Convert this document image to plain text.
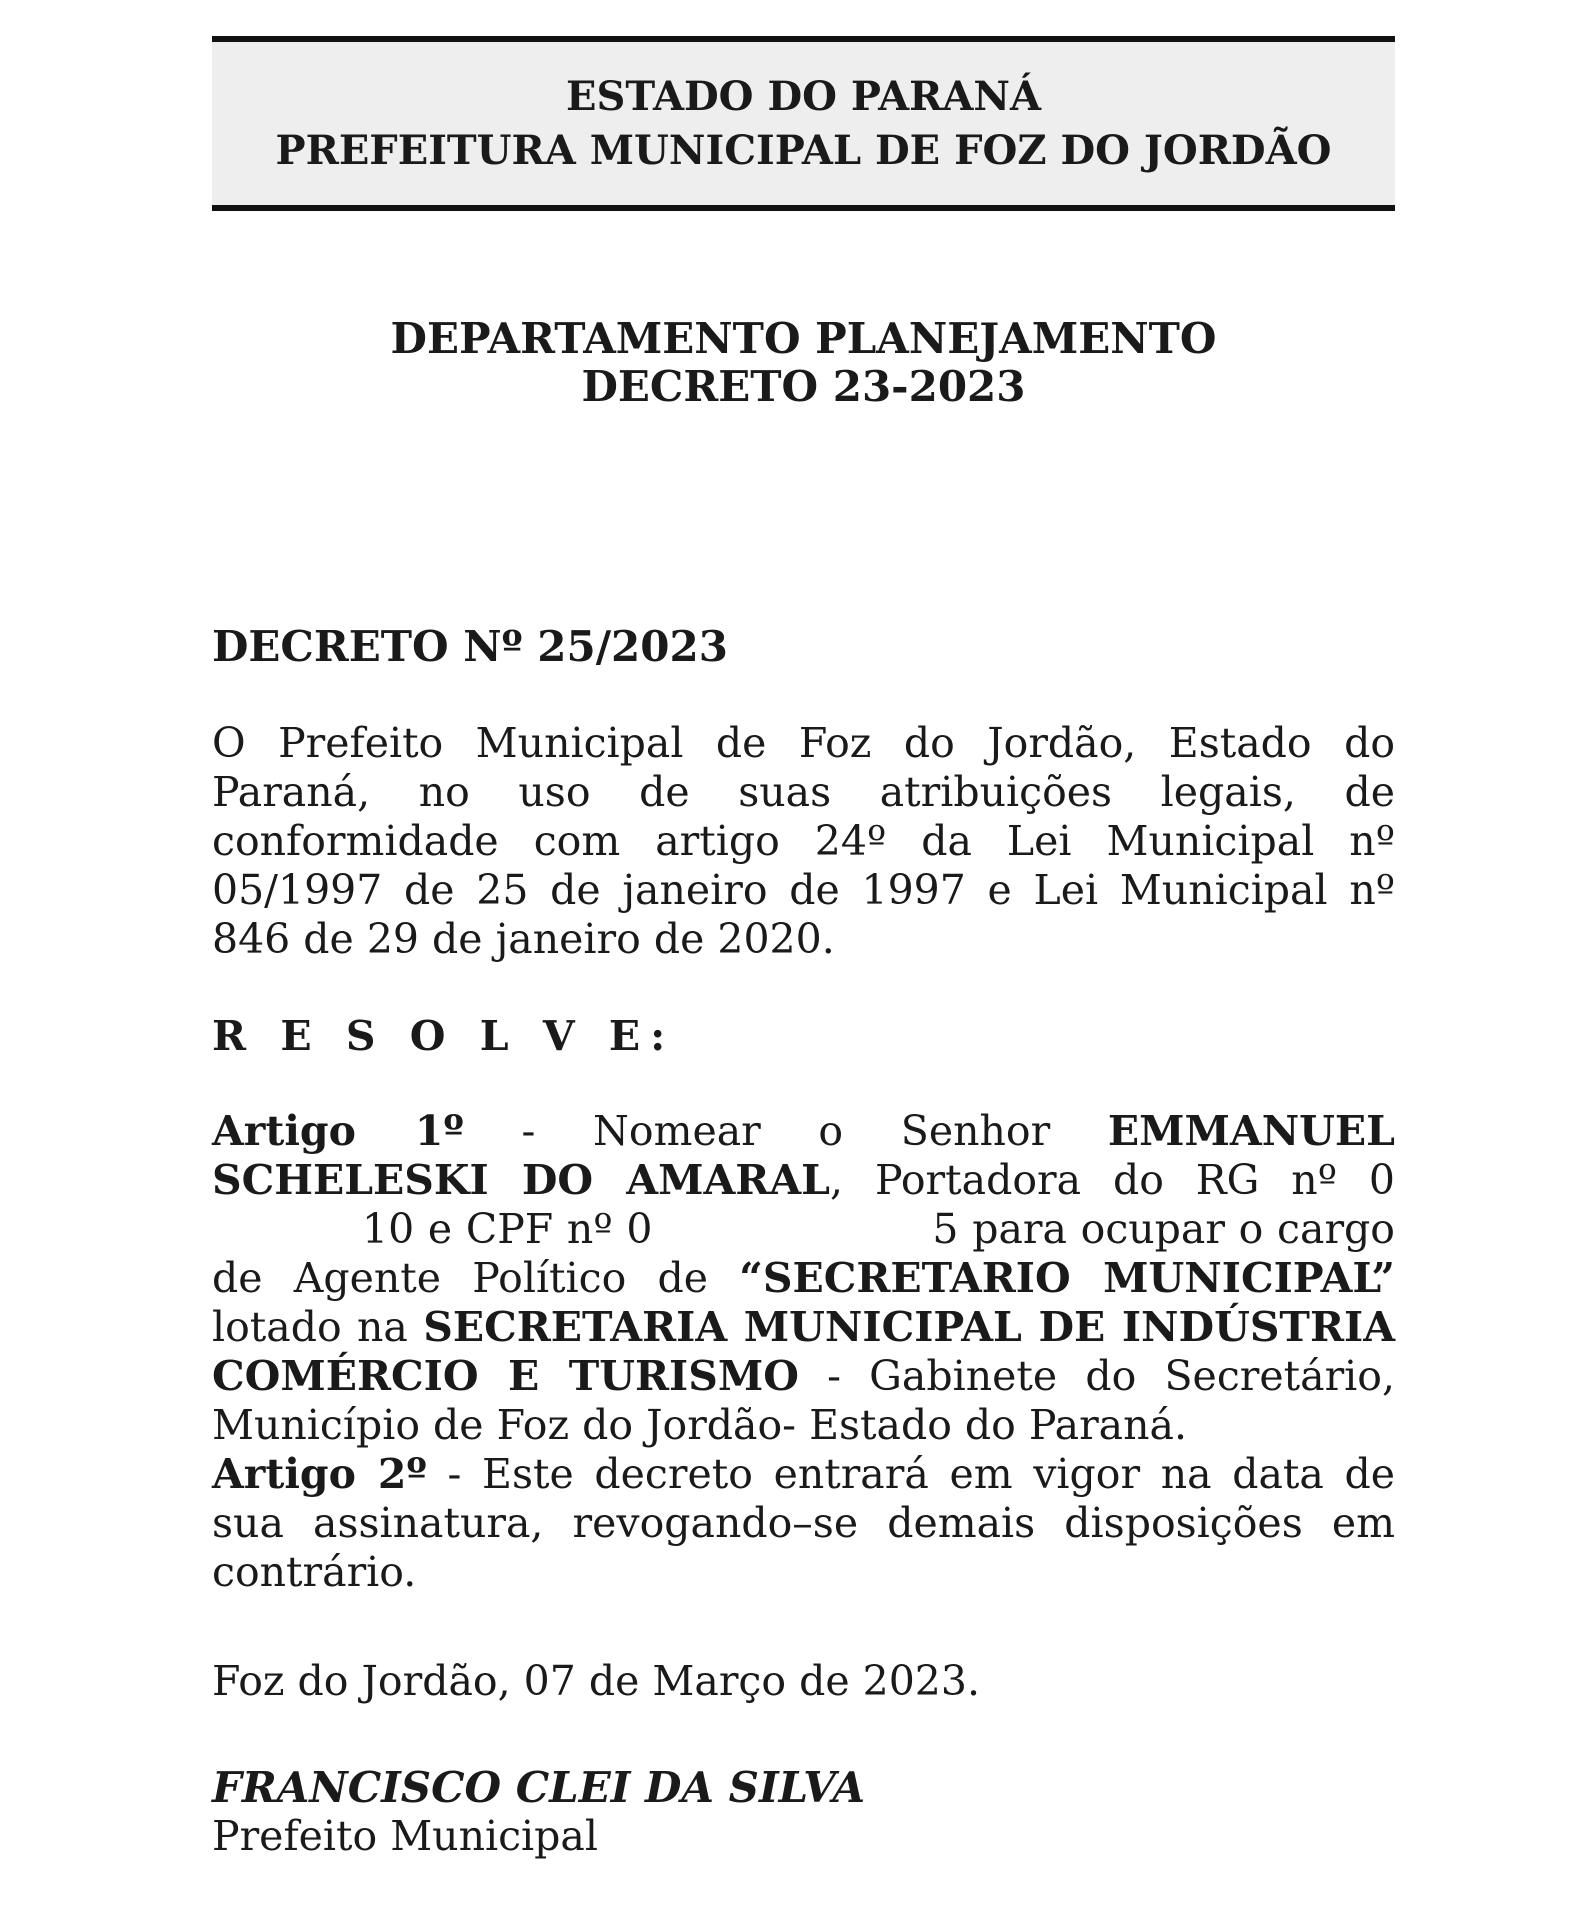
ESTADO DO PARANÁ
PREFEITURA MUNICIPAL DE FOZ DO JORDÃO
DEPARTAMENTO PLANEJAMENTO
DECRETO 23-2023
DECRETO Nº 25/2023
O Prefeito Municipal de Foz do Jordão, Estado do Paraná, no uso de suas atribuições legais, de conformidade com artigo 24º da Lei Municipal nº 05/1997 de 25 de janeiro de 1997 e Lei Municipal nº 846 de 29 de janeiro de 2020.
R E S O L V E:
Artigo 1º - Nomear o Senhor EMMANUEL SCHELESKI DO AMARAL, Portadora do RG nº 010 e CPF nº 0	5 para ocupar o cargo de Agente Político de “SECRETARIO MUNICIPAL” lotado na SECRETARIA MUNICIPAL DE INDÚSTRIA COMÉRCIO E TURISMO - Gabinete do Secretário, Município de Foz do Jordão- Estado do Paraná.
Artigo 2º - Este decreto entrará em vigor na data de sua assinatura, revogando–se demais disposições em contrário.
Foz do Jordão, 07 de Março de 2023.
FRANCISCO CLEI DA SILVA
Prefeito Municipal
